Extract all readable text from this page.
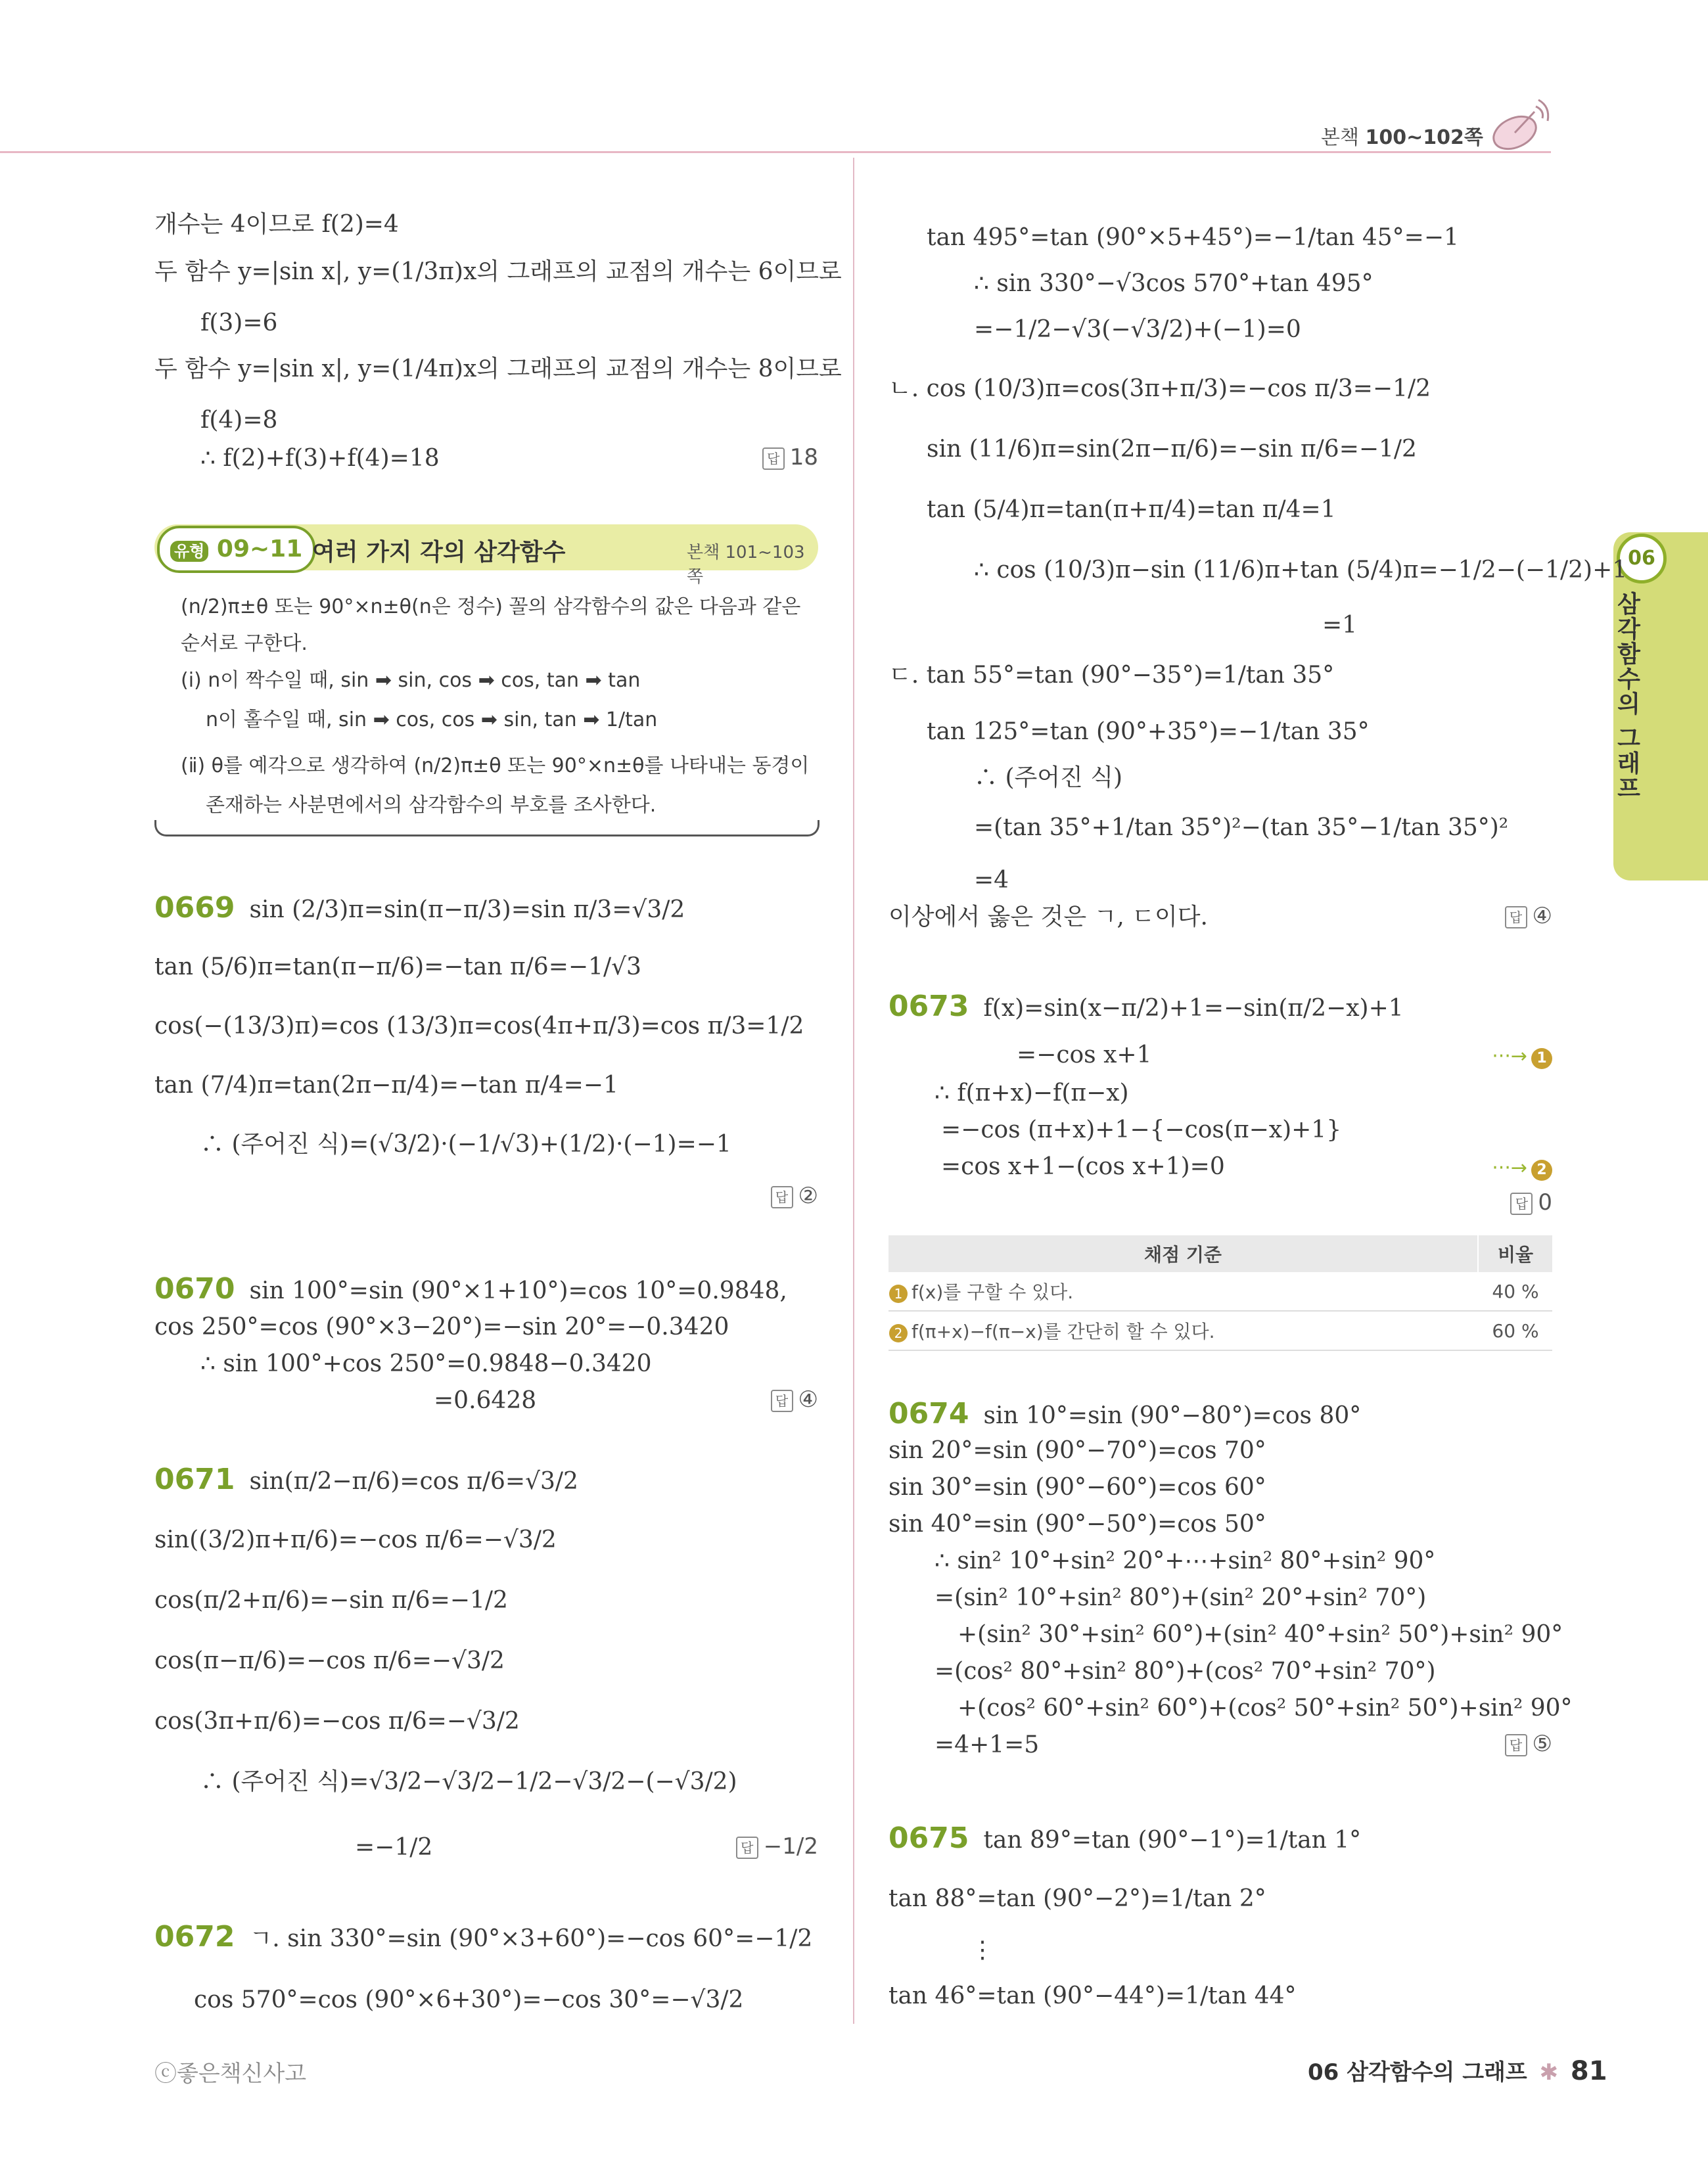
본책 100~102쪽
06
삼각함수의 그래프
개수는 4이므로 f(2)=4
두 함수 y=|sin x|, y=(1/3π)x의 그래프의 교점의 개수는 6이므로
f(3)=6
두 함수 y=|sin x|, y=(1/4π)x의 그래프의 교점의 개수는 8이므로
f(4)=8
∴ f(2)+f(3)+f(4)=18	답 18
유형 09~11 여러 가지 각의 삼각함수	본책 101~103쪽
(n/2)π±θ 또는 90°×n±θ(n은 정수) 꼴의 삼각함수의 값은 다음과 같은
순서로 구한다.
(ⅰ) n이 짝수일 때, sin ➡ sin, cos ➡ cos, tan ➡ tan
n이 홀수일 때, sin ➡ cos, cos ➡ sin, tan ➡ 1/tan
(ⅱ) θ를 예각으로 생각하여 (n/2)π±θ 또는 90°×n±θ를 나타내는 동경이
존재하는 사분면에서의 삼각함수의 부호를 조사한다.
0669 sin (2/3)π=sin(π−π/3)=sin π/3=√3/2
tan (5/6)π=tan(π−π/6)=−tan π/6=−1/√3
cos(−(13/3)π)=cos (13/3)π=cos(4π+π/3)=cos π/3=1/2
tan (7/4)π=tan(2π−π/4)=−tan π/4=−1
∴ (주어진 식)=(√3/2)·(−1/√3)+(1/2)·(−1)=−1
답 ②
0670 sin 100°=sin (90°×1+10°)=cos 10°=0.9848,
cos 250°=cos (90°×3−20°)=−sin 20°=−0.3420
∴ sin 100°+cos 250°=0.9848−0.3420
=0.6428	답 ④
0671 sin(π/2−π/6)=cos π/6=√3/2
sin((3/2)π+π/6)=−cos π/6=−√3/2
cos(π/2+π/6)=−sin π/6=−1/2
cos(π−π/6)=−cos π/6=−√3/2
cos(3π+π/6)=−cos π/6=−√3/2
∴ (주어진 식)=√3/2−√3/2−1/2−√3/2−(−√3/2)
=−1/2	답 −1/2
0672 ㄱ. sin 330°=sin (90°×3+60°)=−cos 60°=−1/2
cos 570°=cos (90°×6+30°)=−cos 30°=−√3/2
tan 495°=tan (90°×5+45°)=−1/tan 45°=−1
∴ sin 330°−√3cos 570°+tan 495°
=−1/2−√3(−√3/2)+(−1)=0
ㄴ. cos (10/3)π=cos(3π+π/3)=−cos π/3=−1/2
sin (11/6)π=sin(2π−π/6)=−sin π/6=−1/2
tan (5/4)π=tan(π+π/4)=tan π/4=1
∴ cos (10/3)π−sin (11/6)π+tan (5/4)π=−1/2−(−1/2)+1
=1
ㄷ. tan 55°=tan (90°−35°)=1/tan 35°
tan 125°=tan (90°+35°)=−1/tan 35°
∴ (주어진 식)
=(tan 35°+1/tan 35°)²−(tan 35°−1/tan 35°)²
=4
이상에서 옳은 것은 ㄱ, ㄷ이다.	답 ④
0673 f(x)=sin(x−π/2)+1=−sin(π/2−x)+1
=−cos x+1	···→ 1
∴ f(π+x)−f(π−x)
=−cos (π+x)+1−{−cos(π−x)+1}
=cos x+1−(cos x+1)=0	···→ 2
답 0
채점 기준	비율
1 f(x)를 구할 수 있다.	40 %
2 f(π+x)−f(π−x)를 간단히 할 수 있다.	60 %
0674 sin 10°=sin (90°−80°)=cos 80°
sin 20°=sin (90°−70°)=cos 70°
sin 30°=sin (90°−60°)=cos 60°
sin 40°=sin (90°−50°)=cos 50°
∴ sin² 10°+sin² 20°+⋯+sin² 80°+sin² 90°
=(sin² 10°+sin² 80°)+(sin² 20°+sin² 70°)
+(sin² 30°+sin² 60°)+(sin² 40°+sin² 50°)+sin² 90°
=(cos² 80°+sin² 80°)+(cos² 70°+sin² 70°)
+(cos² 60°+sin² 60°)+(cos² 50°+sin² 50°)+sin² 90°
=4+1=5	답 ⑤
0675 tan 89°=tan (90°−1°)=1/tan 1°
tan 88°=tan (90°−2°)=1/tan 2°
⋮
tan 46°=tan (90°−44°)=1/tan 44°
ⓒ좋은책신사고	06 삼각함수의 그래프 ✱ 81
